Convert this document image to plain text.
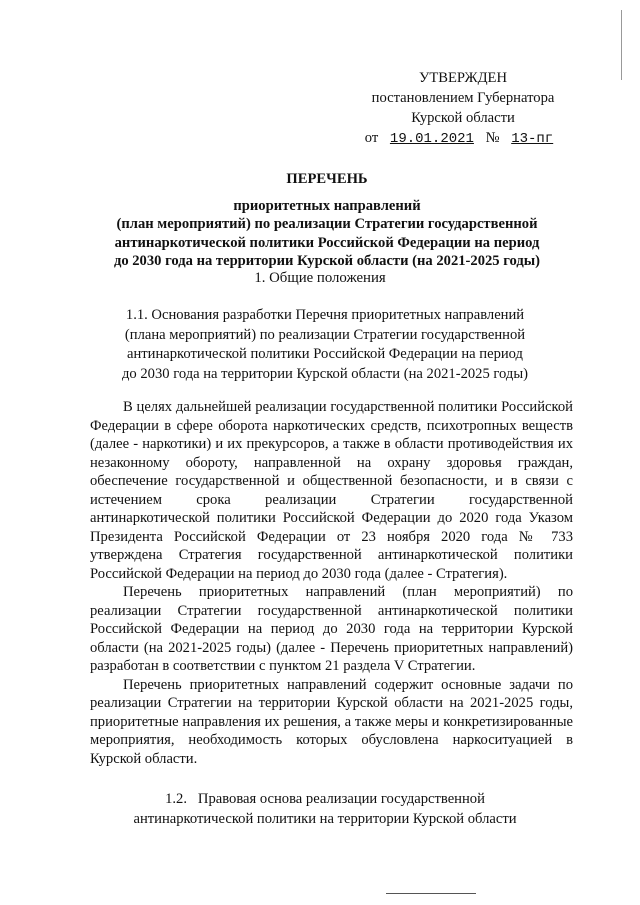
УТВЕРЖДЕН
постановлением Губернатора
Курской области
от 19.01.2021 № 13-пг
ПЕРЕЧЕНЬ
приоритетных направлений
(план мероприятий) по реализации Стратегии государственной
антинаркотической политики Российской Федерации на период
до 2030 года на территории Курской области (на 2021-2025 годы)
1. Общие положения
1.1. Основания разработки Перечня приоритетных направлений
(плана мероприятий) по реализации Стратегии государственной
антинаркотической политики Российской Федерации на период
до 2030 года на территории Курской области (на 2021-2025 годы)

В целях дальнейшей реализации государственной политики Российской Федерации в сфере оборота наркотических средств, психотропных веществ (далее - наркотики) и их прекурсоров, а также в области противодействия их незаконному обороту, направленной на охрану здоровья граждан, обеспечение государственной и общественной безопасности, и в связи с истечением срока реализации Стратегии государственной антинаркотической политики Российской Федерации до 2020 года Указом Президента Российской Федерации от 23 ноября 2020 года № 733 утверждена Стратегия государственной антинаркотической политики Российской Федерации на период до 2030 года (далее - Стратегия).

Перечень приоритетных направлений (план мероприятий) по реализации Стратегии государственной антинаркотической политики Российской Федерации на период до 2030 года на территории Курской области (на 2021-2025 годы) (далее - Перечень приоритетных направлений) разработан в соответствии с пунктом 21 раздела V Стратегии.

Перечень приоритетных направлений содержит основные задачи по реализации Стратегии на территории Курской области на 2021-2025 годы, приоритетные направления их решения, а также меры и конкретизированные мероприятия, необходимость которых обусловлена наркоситуацией в Курской области.

1.2.   Правовая основа реализации государственной
антинаркотической политики на территории Курской области
